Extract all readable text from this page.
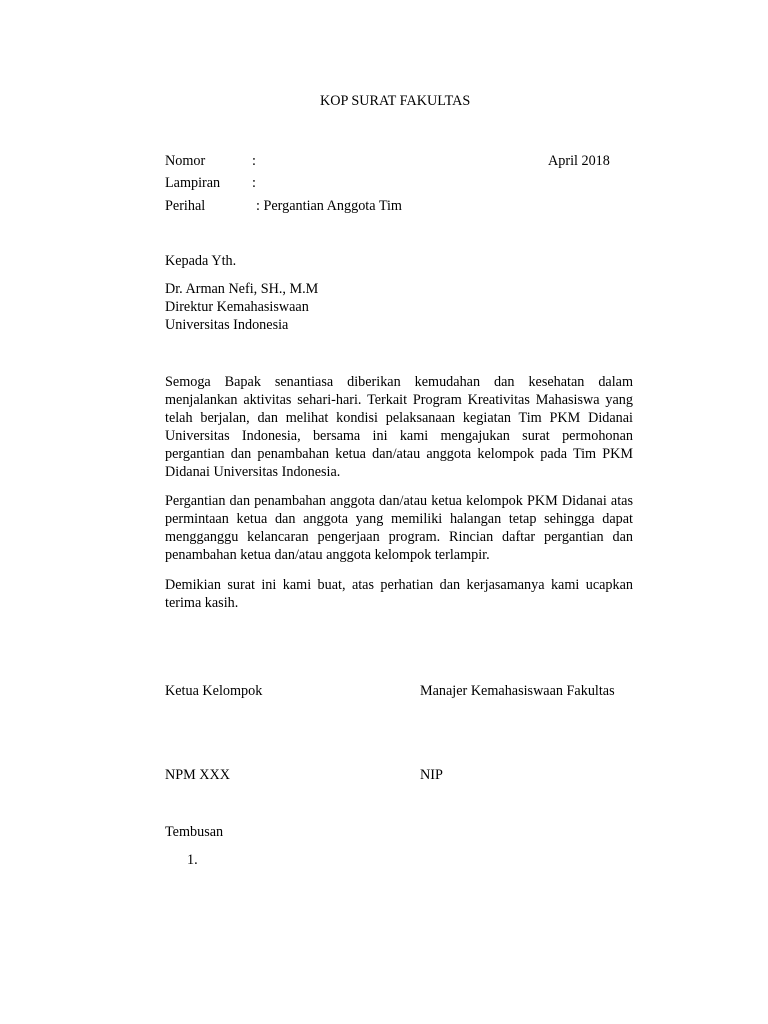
KOP SURAT FAKULTAS
Nomor	:	April 2018
Lampiran :
Perihal	: Pergantian Anggota Tim
Kepada Yth.
Dr. Arman Nefi, SH., M.M
Direktur Kemahasiswaan
Universitas Indonesia
Semoga Bapak senantiasa diberikan kemudahan dan kesehatan dalam
menjalankan aktivitas sehari-hari. Terkait Program Kreativitas Mahasiswa yang
telah berjalan, dan melihat kondisi pelaksanaan kegiatan Tim PKM Didanai
Universitas Indonesia, bersama ini kami mengajukan surat permohonan
pergantian dan penambahan ketua dan/atau anggota kelompok pada Tim PKM
Didanai Universitas Indonesia.
Pergantian dan penambahan anggota dan/atau ketua kelompok PKM Didanai atas
permintaan ketua dan anggota yang memiliki halangan tetap sehingga dapat
mengganggu kelancaran pengerjaan program. Rincian daftar pergantian dan
penambahan ketua dan/atau anggota kelompok terlampir.
Demikian surat ini kami buat, atas perhatian dan kerjasamanya kami ucapkan
terima kasih.
Ketua Kelompok	Manajer Kemahasiswaan Fakultas
NPM XXX	NIP
Tembusan
1.
